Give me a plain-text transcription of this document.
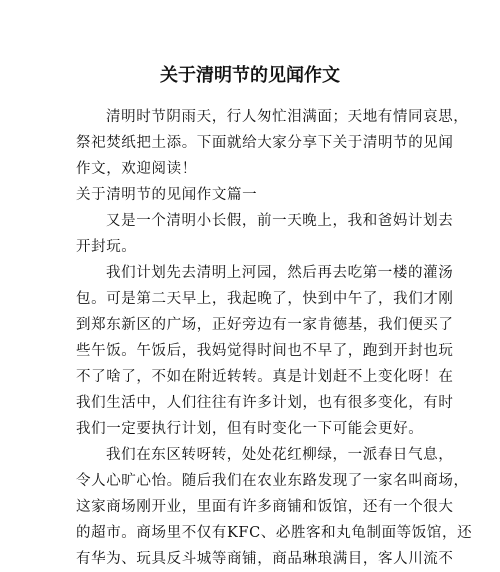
关于清明节的见闻作文
清明时节阴雨天，行人匆忙泪满面；天地有情同哀思，
祭祀焚纸把土添。下面就给大家分享下关于清明节的见闻
作文，欢迎阅读！
关于清明节的见闻作文篇一
又是一个清明小长假，前一天晚上，我和爸妈计划去
开封玩。
我们计划先去清明上河园，然后再去吃第一楼的灌汤
包。可是第二天早上，我起晚了，快到中午了，我们才刚
到郑东新区的广场，正好旁边有一家肯德基，我们便买了
些午饭。午饭后，我妈觉得时间也不早了，跑到开封也玩
不了啥了，不如在附近转转。真是计划赶不上变化呀！在
我们生活中，人们往往有许多计划，也有很多变化，有时
我们一定要执行计划，但有时变化一下可能会更好。
我们在东区转呀转，处处花红柳绿，一派春日气息，
令人心旷心怡。随后我们在农业东路发现了一家名叫商场，
这家商场刚开业，里面有许多商铺和饭馆，还有一个很大
的超市。商场里不仅有KFC、必胜客和丸龟制面等饭馆，还
有华为、玩具反斗城等商铺，商品琳琅满目，客人川流不
